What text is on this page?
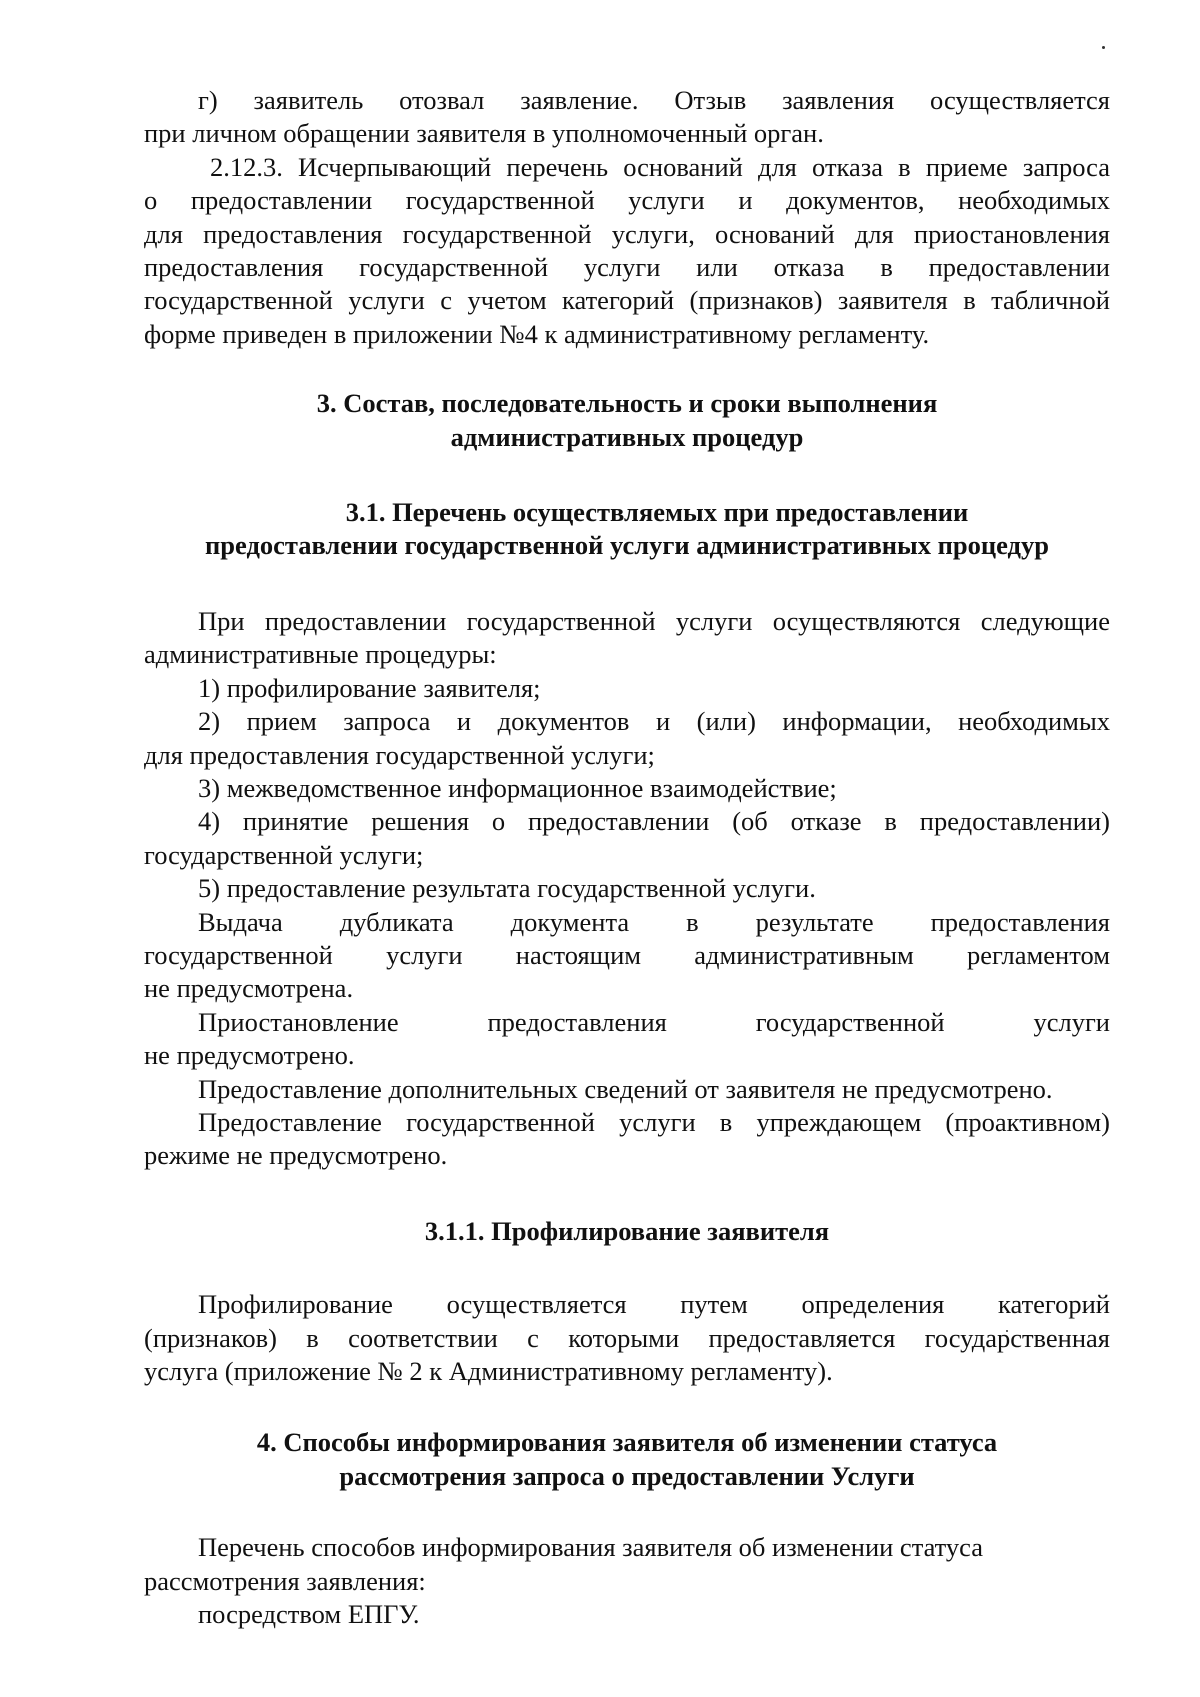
г) заявитель отозвал заявление. Отзыв заявления осуществляется

при личном обращении заявителя в уполномоченный орган.

2.12.3. Исчерпывающий перечень оснований для отказа в приеме запроса

о предоставлении государственной услуги и документов, необходимых

для предоставления государственной услуги, оснований для приостановления

предоставления государственной услуги или отказа в предоставлении

государственной услуги с учетом категорий (признаков) заявителя в табличной

форме приведен в приложении №4 к административному регламенту.

3. Состав, последовательность и сроки выполнения
административных процедур
3.1. Перечень осуществляемых при предоставлении
предоставлении государственной услуги административных процедур

При предоставлении государственной услуги осуществляются следующие

административные процедуры:

1) профилирование заявителя;

2) прием запроса и документов и (или) информации, необходимых

для предоставления государственной услуги;

3) межведомственное информационное взаимодействие;

4) принятие решения о предоставлении (об отказе в предоставлении)

государственной услуги;

5) предоставление результата государственной услуги.

Выдача дубликата документа в результате предоставления

государственной услуги настоящим административным регламентом

не предусмотрена.

Приостановление предоставления государственной услуги

не предусмотрено.

Предоставление дополнительных сведений от заявителя не предусмотрено.

Предоставление государственной услуги в упреждающем (проактивном)

режиме не предусмотрено.

3.1.1. Профилирование заявителя

Профилирование осуществляется путем определения категорий

(признаков) в соответствии с которыми предоставляется государственная

услуга (приложение № 2 к Административному регламенту).

4. Способы информирования заявителя об изменении статуса
рассмотрения запроса о предоставлении Услуги

Перечень способов информирования заявителя об изменении статуса

рассмотрения заявления:

посредством ЕПГУ.
